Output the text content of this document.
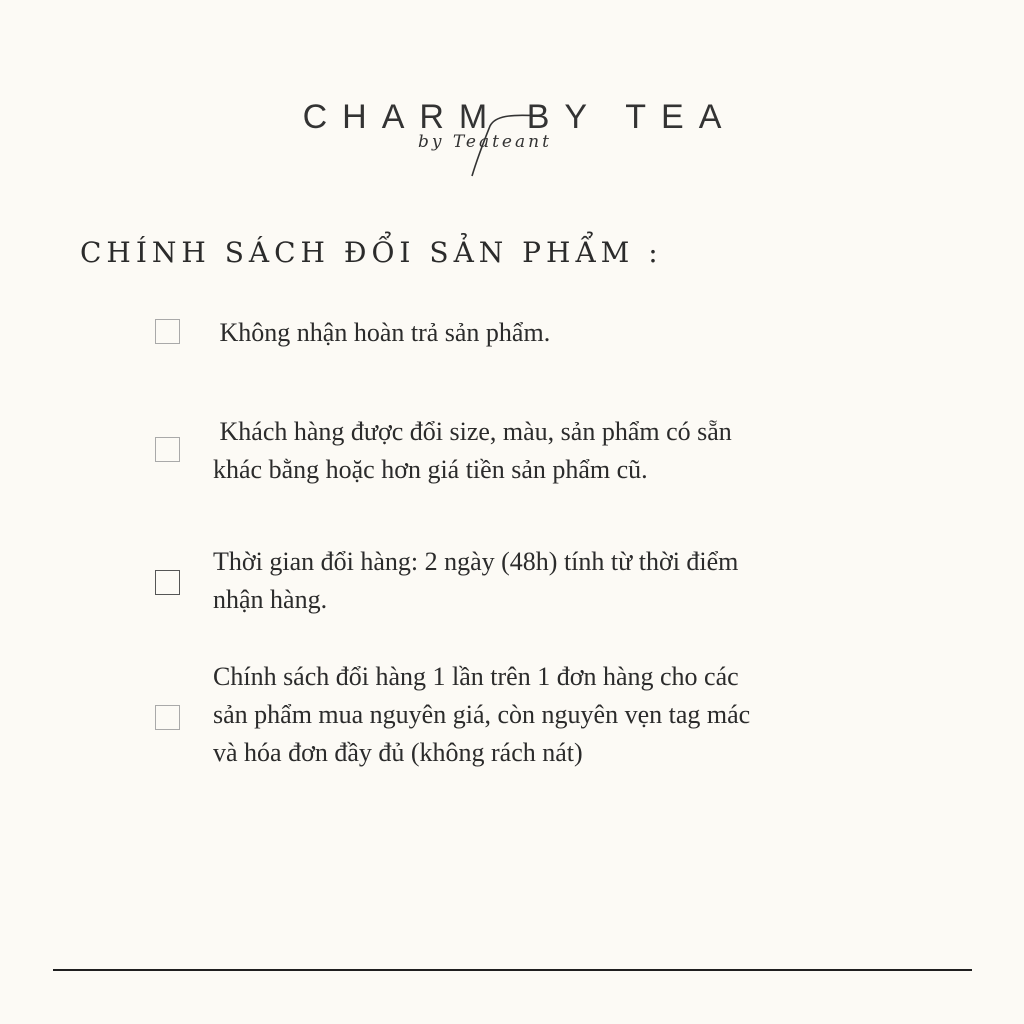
CHARM BY TEA
by Teateant
CHÍNH SÁCH ĐỔI SẢN PHẨM :
Không nhận hoàn trả sản phẩm.
Khách hàng được đổi size, màu, sản phẩm có sẵn
khác bằng hoặc hơn giá tiền sản phẩm cũ.
Thời gian đổi hàng: 2 ngày (48h) tính từ thời điểm
nhận hàng.
Chính sách đổi hàng 1 lần trên 1 đơn hàng cho các
sản phẩm mua nguyên giá, còn nguyên vẹn tag mác
và hóa đơn đầy đủ (không rách nát)
